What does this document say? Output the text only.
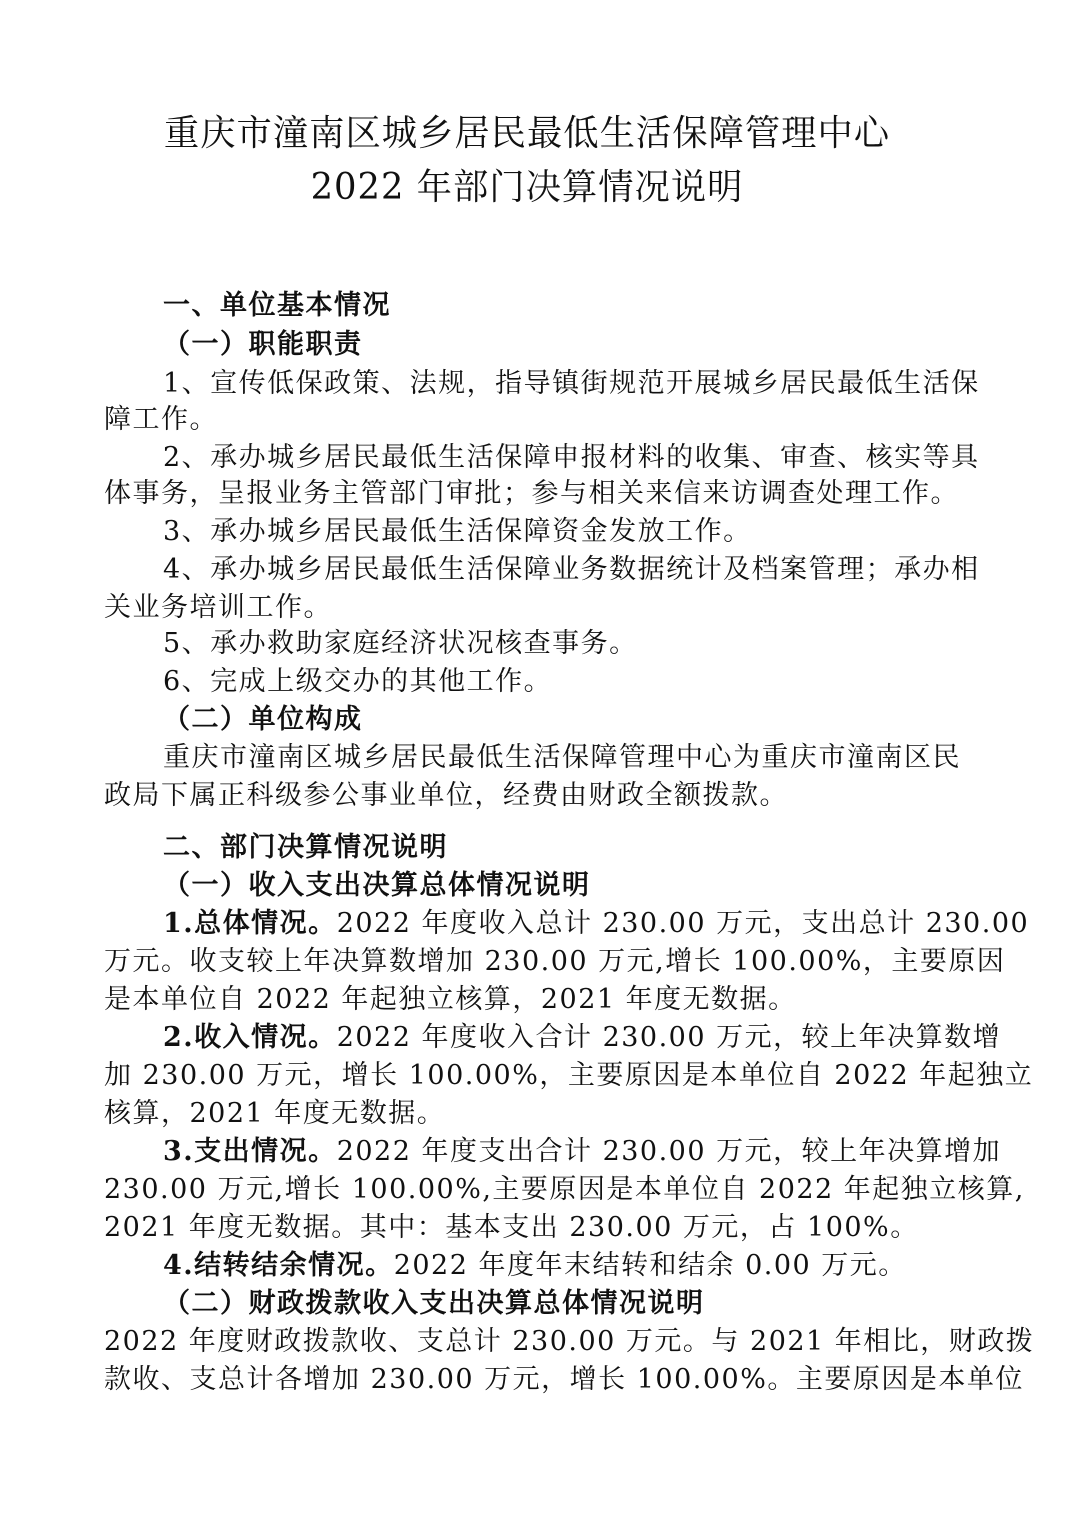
重庆市潼南区城乡居民最低生活保障管理中心
2022 年部门决算情况说明
一、单位基本情况
（一）职能职责
1、宣传低保政策、法规，指导镇街规范开展城乡居民最低生活保
障工作。
2、承办城乡居民最低生活保障申报材料的收集、审查、核实等具
体事务，呈报业务主管部门审批；参与相关来信来访调查处理工作。
3、承办城乡居民最低生活保障资金发放工作。
4、承办城乡居民最低生活保障业务数据统计及档案管理；承办相
关业务培训工作。
5、承办救助家庭经济状况核查事务。
6、完成上级交办的其他工作。
（二）单位构成
重庆市潼南区城乡居民最低生活保障管理中心为重庆市潼南区民
政局下属正科级参公事业单位，经费由财政全额拨款。
二、部门决算情况说明
（一）收入支出决算总体情况说明
1.总体情况。2022 年度收入总计 230.00 万元，支出总计 230.00
万元。收支较上年决算数增加 230.00 万元,增长 100.00%，主要原因
是本单位自 2022 年起独立核算，2021 年度无数据。
2.收入情况。2022 年度收入合计 230.00 万元，较上年决算数增
加 230.00 万元，增长 100.00%，主要原因是本单位自 2022 年起独立
核算，2021 年度无数据。
3.支出情况。2022 年度支出合计 230.00 万元，较上年决算增加
230.00 万元,增长 100.00%,主要原因是本单位自 2022 年起独立核算,
2021 年度无数据。其中：基本支出 230.00 万元，占 100%。
4.结转结余情况。2022 年度年末结转和结余 0.00 万元。
（二）财政拨款收入支出决算总体情况说明
2022 年度财政拨款收、支总计 230.00 万元。与 2021 年相比，财政拨
款收、支总计各增加 230.00 万元，增长 100.00%。主要原因是本单位
